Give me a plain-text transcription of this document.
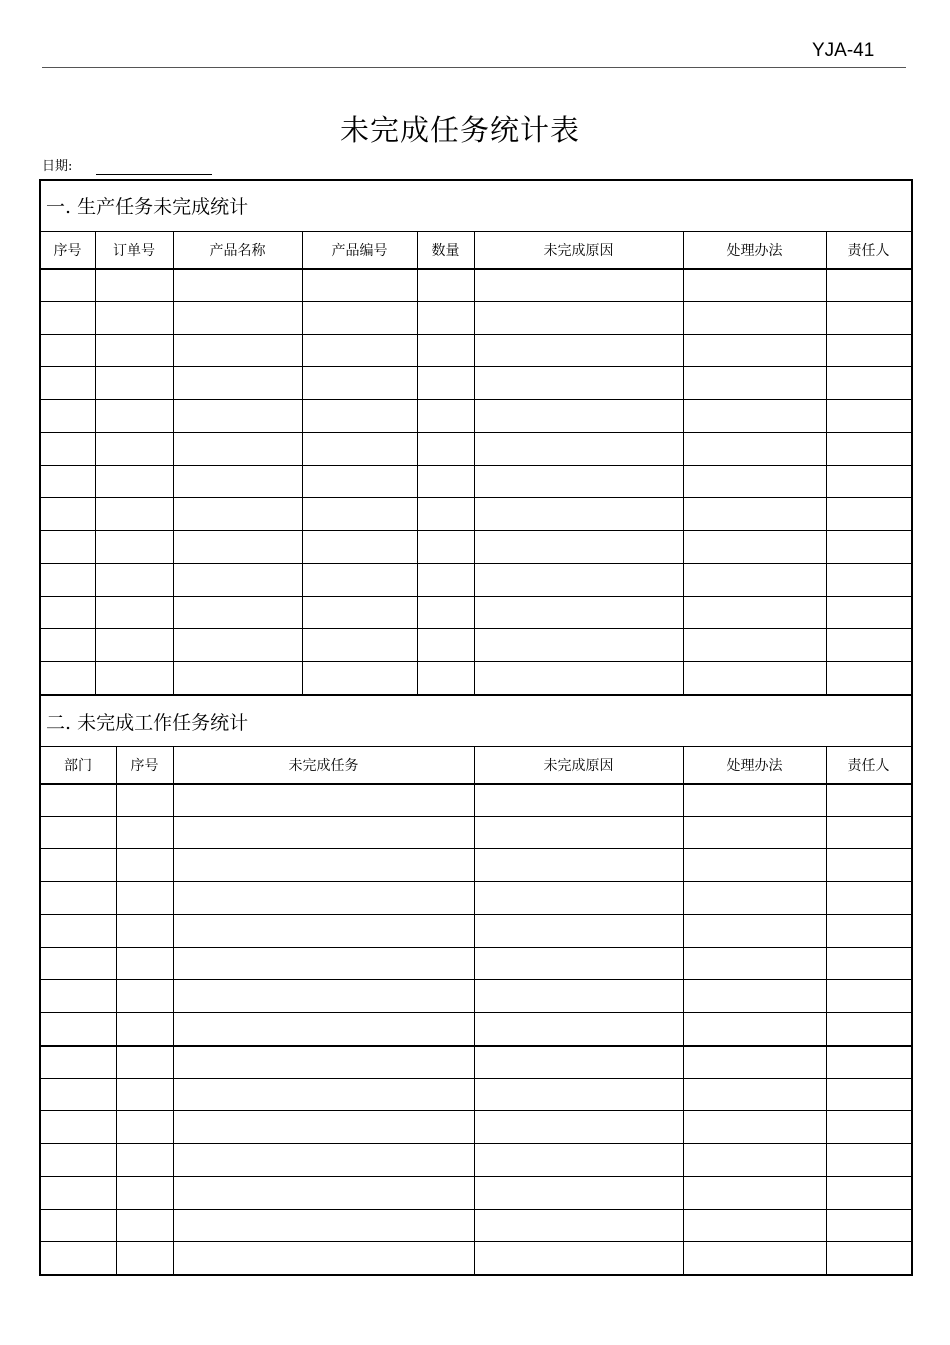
YJA-41
未完成任务统计表
日期:
一. 生产任务未完成统计
二. 未完成工作任务统计
序号	订单号	产品名称	产品编号	数量	未完成原因	处理办法	责任人
部门	序号	未完成任务	未完成原因	处理办法	责任人
